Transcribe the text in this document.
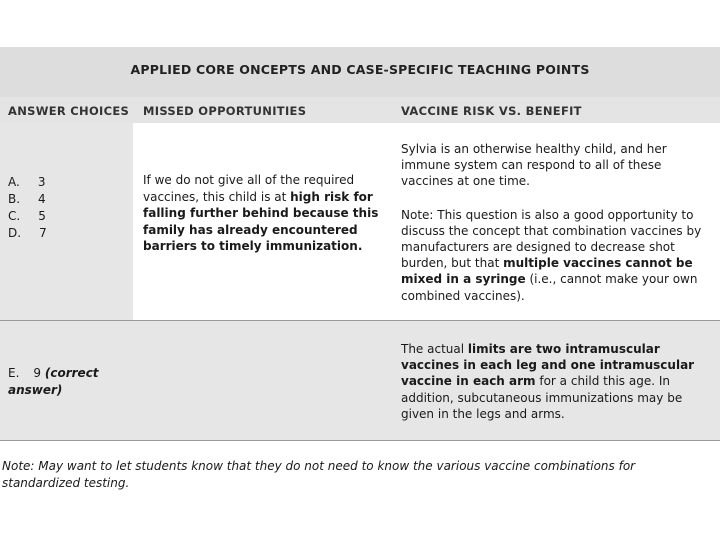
APPLIED CORE ONCEPTS AND CASE-SPECIFIC TEACHING POINTS
ANSWER CHOICES MISSED OPPORTUNITIES	VACCINE RISK VS. BENEFIT
A. 3
B. 4
C. 5
D. 7
If we do not give all of the required vaccines, this child is at high risk for falling further behind because this family has already encountered barriers to timely immunization.

Sylvia is an otherwise healthy child, and her immune system can respond to all of these vaccines at one time.

Note: This question is also a good opportunity to discuss the concept that combination vaccines by manufacturers are designed to decrease shot burden, but that multiple vaccines cannot be mixed in a syringe (i.e., cannot make your own combined vaccines).

E. 9 (correct answer)
The actual limits are two intramuscular vaccines in each leg and one intramuscular vaccine in each arm for a child this age. In addition, subcutaneous immunizations may be given in the legs and arms.
Note: May want to let students know that they do not need to know the various vaccine combinations for standardized testing.
